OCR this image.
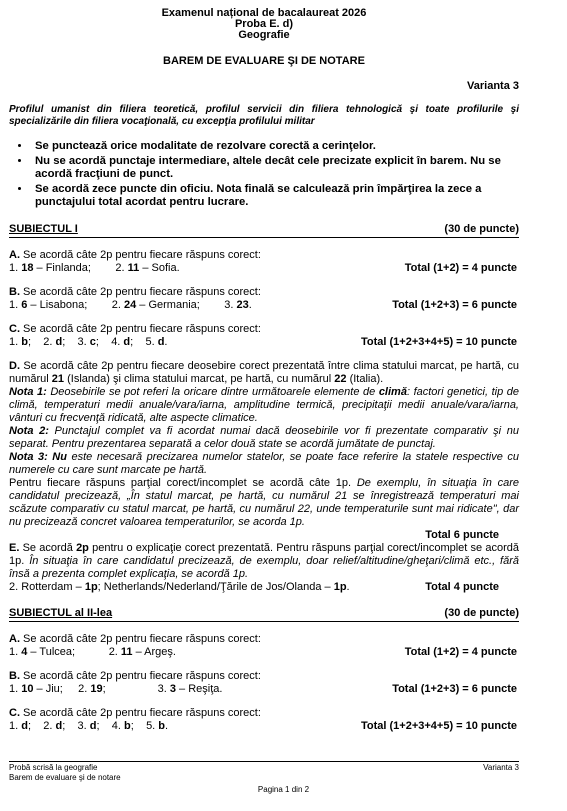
Examenul național de bacalaureat 2026
Proba E. d)
Geografie
BAREM DE EVALUARE ŞI DE NOTARE
Varianta 3
Profilul umanist din filiera teoretică, profilul servicii din filiera tehnologică şi toate profilurile şi specializările din filiera vocaţională, cu excepţia profilului militar
• Se punctează orice modalitate de rezolvare corectă a cerinţelor.
• Nu se acordă punctaje intermediare, altele decât cele precizate explicit în barem. Nu se acordă fracţiuni de punct.
• Se acordă zece puncte din oficiu. Nota finală se calculează prin împărţirea la zece a punctajului total acordat pentru lucrare.
SUBIECTUL I	(30 de puncte)

A. Se acordă câte 2p pentru fiecare răspuns corect:

1. 18 – Finlanda; 2. 11 – Sofia.	Total (1+2) = 4 puncte

B. Se acordă câte 2p pentru fiecare răspuns corect:

1. 6 – Lisabona; 2. 24 – Germania; 3. 23.	Total (1+2+3) = 6 puncte

C. Se acordă câte 2p pentru fiecare răspuns corect:

1. b; 2. d; 3. c; 4. d; 5. d.	Total (1+2+3+4+5) = 10 puncte

D. Se acordă câte 2p pentru fiecare deosebire corect prezentată între clima statului marcat, pe hartă, cu numărul 21 (Islanda) şi clima statului marcat, pe hartă, cu numărul 22 (Italia).

Nota 1: Deosebirile se pot referi la oricare dintre următoarele elemente de climă: factori genetici, tip de climă, temperaturi medii anuale/vara/iarna, amplitudine termică, precipitaţii medii anuale/vara/iarna, vânturi cu frecvenţă ridicată, alte aspecte climatice.

Nota 2: Punctajul complet va fi acordat numai dacă deosebirile vor fi prezentate comparativ şi nu separat. Pentru prezentarea separată a celor două state se acordă jumătate de punctaj.

Nota 3: Nu este necesară precizarea numelor statelor, se poate face referire la statele respective cu numerele cu care sunt marcate pe hartă.

Pentru fiecare răspuns parţial corect/incomplet se acordă câte 1p. De exemplu, în situaţia în care candidatul precizează, „În statul marcat, pe hartă, cu numărul 21 se înregistrează temperaturi mai scăzute comparativ cu statul marcat, pe hartă, cu numărul 22, unde temperaturile sunt mai ridicate", dar nu precizează concret valoarea temperaturilor, se acorda 1p.

Total 6 puncte

E. Se acordă 2p pentru o explicaţie corect prezentată. Pentru răspuns parţial corect/incomplet se acordă 1p. În situaţia în care candidatul precizează, de exemplu, doar relief/altitudine/gheţari/climă etc., fără însă a prezenta complet explicaţia, se acordă 1p.

2. Rotterdam – 1p; Netherlands/Nederland/Ţările de Jos/Olanda – 1p.	Total 4 puncte
SUBIECTUL al II-lea	(30 de puncte)

A. Se acordă câte 2p pentru fiecare răspuns corect:

1. 4 – Tulcea;	2. 11 – Argeş.	Total (1+2) = 4 puncte

B. Se acordă câte 2p pentru fiecare răspuns corect:

1. 10 – Jiu; 2. 19;	3. 3 – Reşiţa.	Total (1+2+3) = 6 puncte

C. Se acordă câte 2p pentru fiecare răspuns corect:

1. d; 2. d; 3. d; 4. b; 5. b.	Total (1+2+3+4+5) = 10 puncte
Probă scrisă la geografie	Varianta 3
Barem de evaluare şi de notare
Pagina 1 din 2
